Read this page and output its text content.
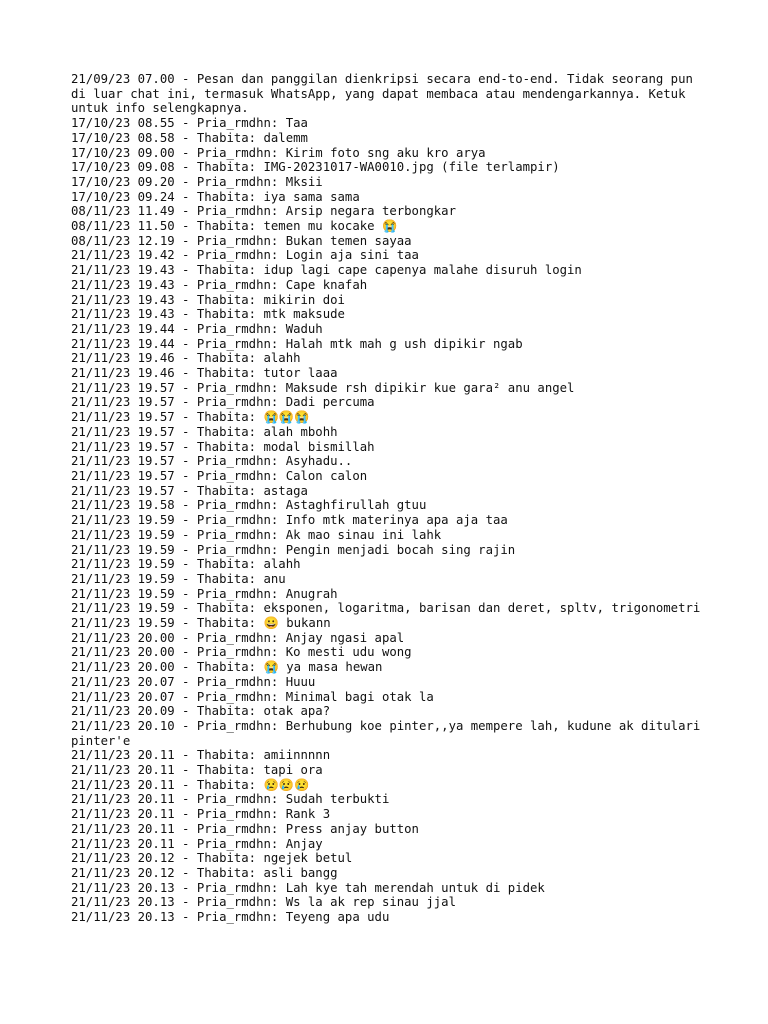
21/09/23 07.00 - Pesan dan panggilan dienkripsi secara end-to-end. Tidak seorang pun di luar chat ini, termasuk WhatsApp, yang dapat membaca atau mendengarkannya. Ketuk untuk info selengkapnya.
17/10/23 08.55 - Pria_rmdhn: Taa
17/10/23 08.58 - Thabita: dalemm
17/10/23 09.00 - Pria_rmdhn: Kirim foto sng aku kro arya
17/10/23 09.08 - Thabita: IMG-20231017-WA0010.jpg (file terlampir)
17/10/23 09.20 - Pria_rmdhn: Mksii
17/10/23 09.24 - Thabita: iya sama sama
08/11/23 11.49 - Pria_rmdhn: Arsip negara terbongkar
08/11/23 11.50 - Thabita: temen mu kocake 😭
08/11/23 12.19 - Pria_rmdhn: Bukan temen sayaa
21/11/23 19.42 - Pria_rmdhn: Login aja sini taa
21/11/23 19.43 - Thabita: idup lagi cape capenya malahe disuruh login
21/11/23 19.43 - Pria_rmdhn: Cape knafah
21/11/23 19.43 - Thabita: mikirin doi
21/11/23 19.43 - Thabita: mtk maksude
21/11/23 19.44 - Pria_rmdhn: Waduh
21/11/23 19.44 - Pria_rmdhn: Halah mtk mah g ush dipikir ngab
21/11/23 19.46 - Thabita: alahh
21/11/23 19.46 - Thabita: tutor laaa
21/11/23 19.57 - Pria_rmdhn: Maksude rsh dipikir kue gara² anu angel
21/11/23 19.57 - Pria_rmdhn: Dadi percuma
21/11/23 19.57 - Thabita: 😭😭😭
21/11/23 19.57 - Thabita: alah mbohh
21/11/23 19.57 - Thabita: modal bismillah
21/11/23 19.57 - Pria_rmdhn: Asyhadu..
21/11/23 19.57 - Pria_rmdhn: Calon calon
21/11/23 19.57 - Thabita: astaga
21/11/23 19.58 - Pria_rmdhn: Astaghfirullah gtuu
21/11/23 19.59 - Pria_rmdhn: Info mtk materinya apa aja taa
21/11/23 19.59 - Pria_rmdhn: Ak mao sinau ini lahk
21/11/23 19.59 - Pria_rmdhn: Pengin menjadi bocah sing rajin
21/11/23 19.59 - Thabita: alahh
21/11/23 19.59 - Thabita: anu
21/11/23 19.59 - Pria_rmdhn: Anugrah
21/11/23 19.59 - Thabita: eksponen, logaritma, barisan dan deret, spltv, trigonometri
21/11/23 19.59 - Thabita: 😀 bukann
21/11/23 20.00 - Pria_rmdhn: Anjay ngasi apal
21/11/23 20.00 - Pria_rmdhn: Ko mesti udu wong
21/11/23 20.00 - Thabita: 😭 ya masa hewan
21/11/23 20.07 - Pria_rmdhn: Huuu
21/11/23 20.07 - Pria_rmdhn: Minimal bagi otak la
21/11/23 20.09 - Thabita: otak apa?
21/11/23 20.10 - Pria_rmdhn: Berhubung koe pinter,,ya mempere lah, kudune ak ditulari pinter'e
21/11/23 20.11 - Thabita: amiinnnnn
21/11/23 20.11 - Thabita: tapi ora
21/11/23 20.11 - Thabita: 😢😢😢
21/11/23 20.11 - Pria_rmdhn: Sudah terbukti
21/11/23 20.11 - Pria_rmdhn: Rank 3
21/11/23 20.11 - Pria_rmdhn: Press anjay button
21/11/23 20.11 - Pria_rmdhn: Anjay
21/11/23 20.12 - Thabita: ngejek betul
21/11/23 20.12 - Thabita: asli bangg
21/11/23 20.13 - Pria_rmdhn: Lah kye tah merendah untuk di pidek
21/11/23 20.13 - Pria_rmdhn: Ws la ak rep sinau jjal
21/11/23 20.13 - Pria_rmdhn: Teyeng apa udu
